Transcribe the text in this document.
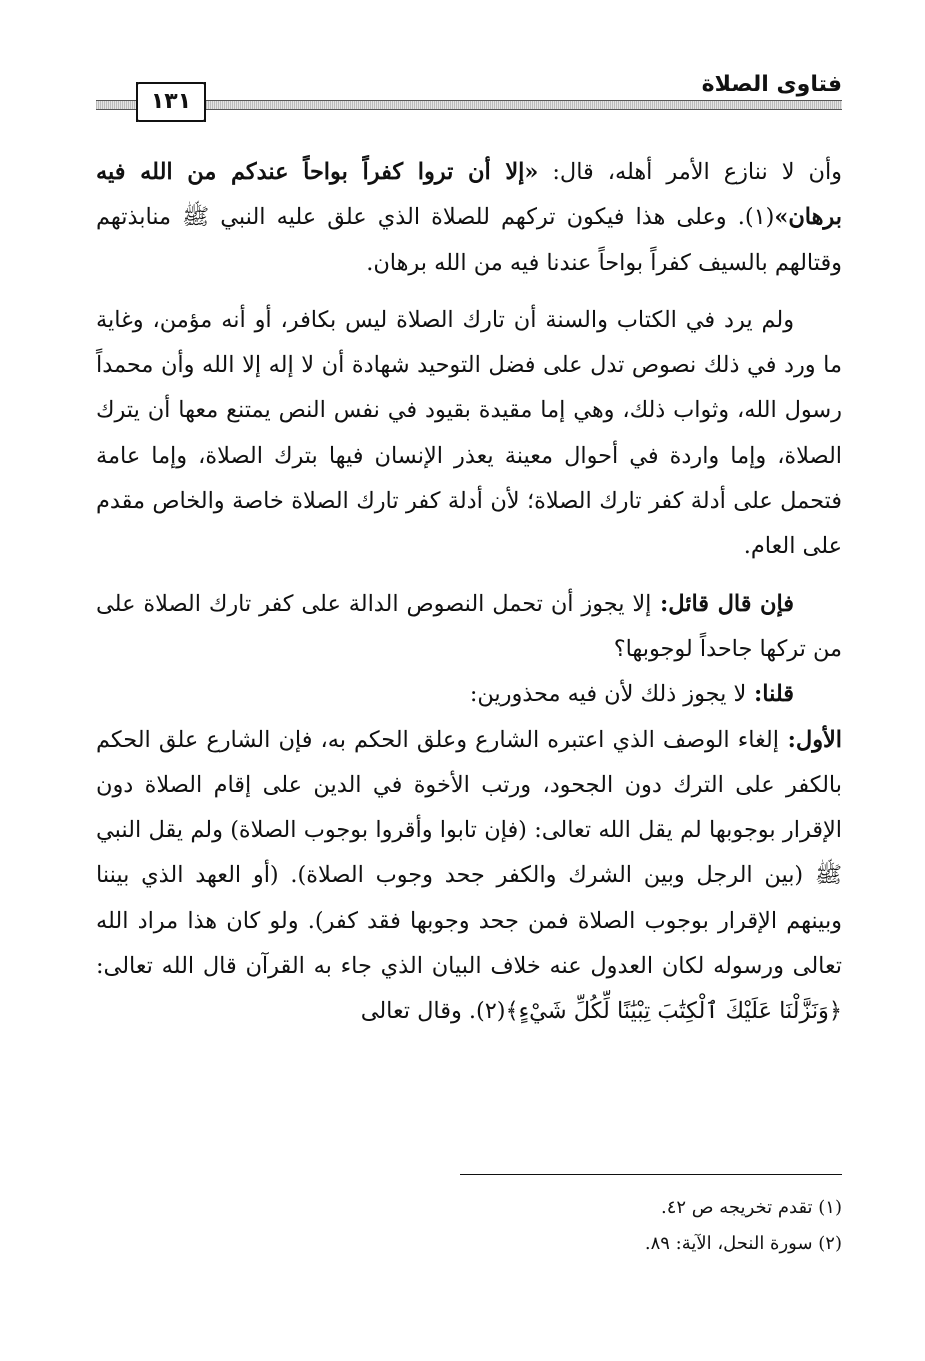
فتاوى الصلاة
١٣١

وأن لا ننازع الأمر أهله، قال: «إلا أن تروا كفراً بواحاً عندكم من الله فيه برهان»(١). وعلى هذا فيكون تركهم للصلاة الذي علق عليه النبي ﷺ منابذتهم وقتالهم بالسيف كفراً بواحاً عندنا فيه من الله برهان.

ولم يرد في الكتاب والسنة أن تارك الصلاة ليس بكافر، أو أنه مؤمن، وغاية ما ورد في ذلك نصوص تدل على فضل التوحيد شهادة أن لا إله إلا الله وأن محمداً رسول الله، وثواب ذلك، وهي إما مقيدة بقيود في نفس النص يمتنع معها أن يترك الصلاة، وإما واردة في أحوال معينة يعذر الإنسان فيها بترك الصلاة، وإما عامة فتحمل على أدلة كفر تارك الصلاة؛ لأن أدلة كفر تارك الصلاة خاصة والخاص مقدم على العام.

فإن قال قائل: إلا يجوز أن تحمل النصوص الدالة على كفر تارك الصلاة على من تركها جاحداً لوجوبها؟

قلنا: لا يجوز ذلك لأن فيه محذورين:

الأول: إلغاء الوصف الذي اعتبره الشارع وعلق الحكم به، فإن الشارع علق الحكم بالكفر على الترك دون الجحود، ورتب الأخوة في الدين على إقام الصلاة دون الإقرار بوجوبها لم يقل الله تعالى: (فإن تابوا وأقروا بوجوب الصلاة) ولم يقل النبي ﷺ (بين الرجل وبين الشرك والكفر جحد وجوب الصلاة). (أو العهد الذي بيننا وبينهم الإقرار بوجوب الصلاة فمن جحد وجوبها فقد كفر). ولو كان هذا مراد الله تعالى ورسوله لكان العدول عنه خلاف البيان الذي جاء به القرآن قال الله تعالى: ﴿وَنَزَّلْنَا عَلَيْكَ ٱلْكِتَٰبَ تِبْيَٰنًا لِّكُلِّ شَيْءٍ﴾(٢). وقال تعالى

(١) تقدم تخريجه ص ٤٢.

(٢) سورة النحل، الآية: ٨٩.
